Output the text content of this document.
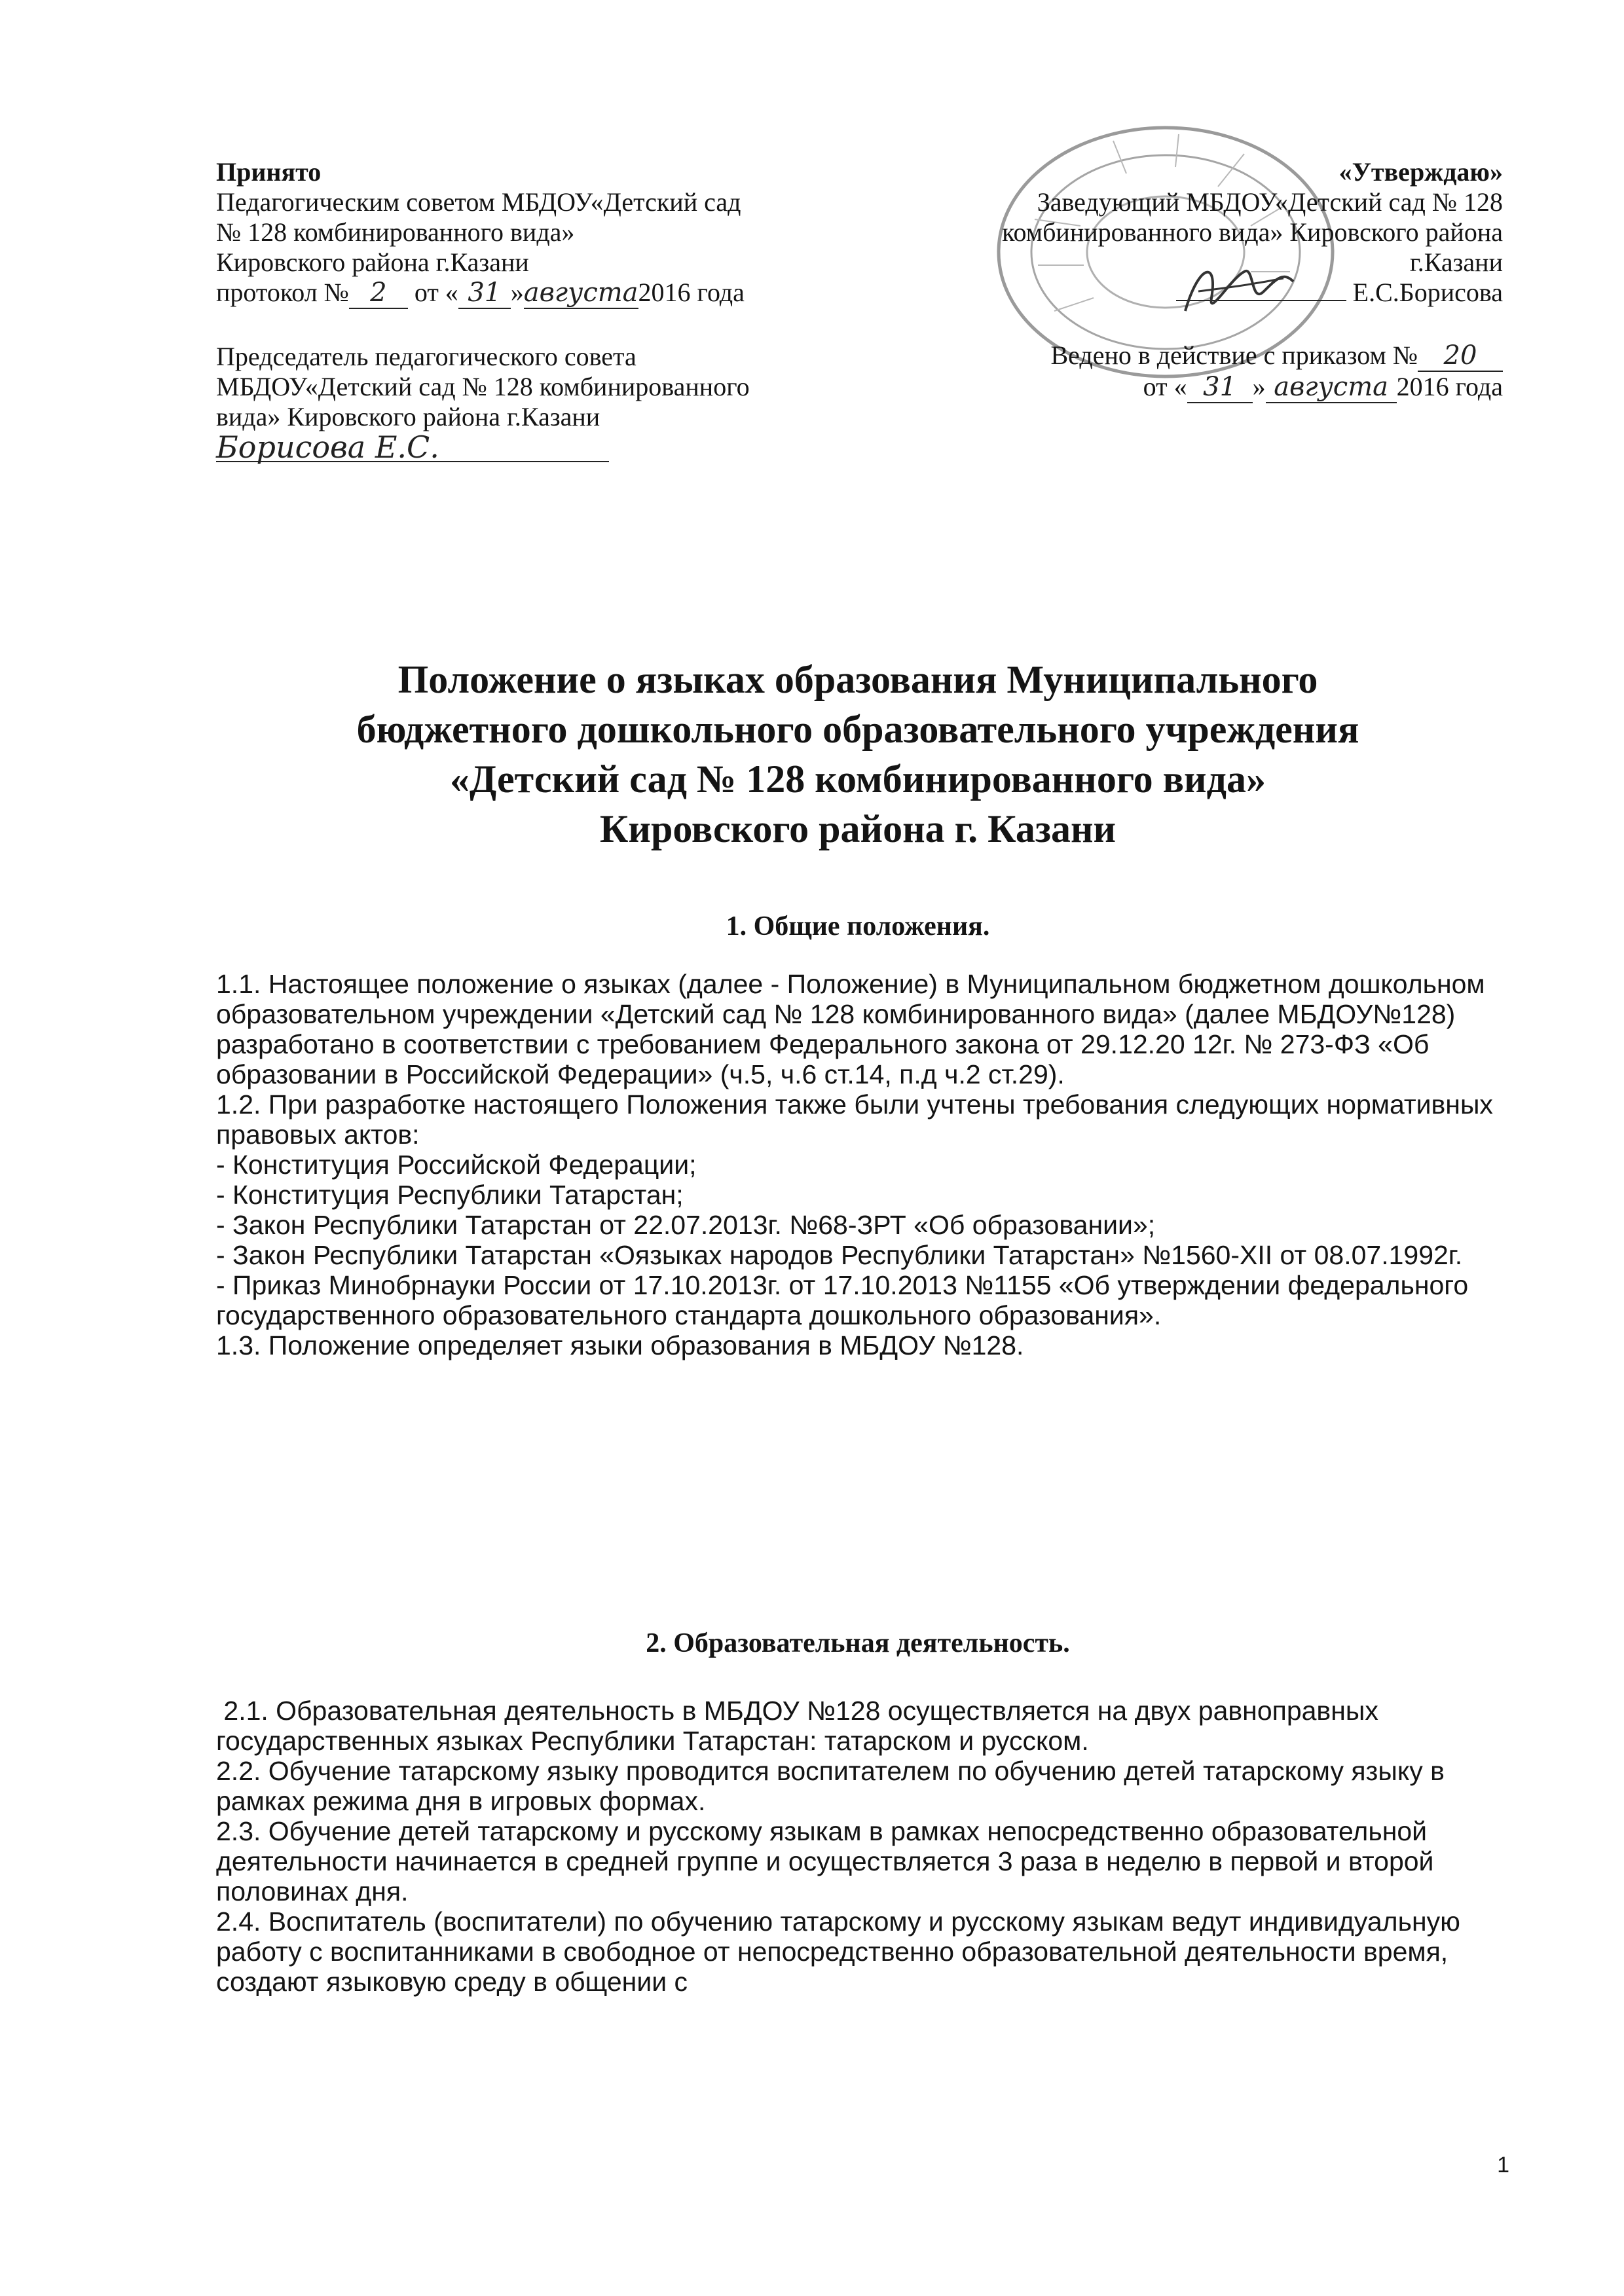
Принято
Педагогическим советом МБДОУ«Детский сад
№ 128 комбинированного вида»
Кировского района г.Казани
протокол № 2 от « 31 »августа2016 года
Председатель педагогического совета
МБДОУ«Детский сад № 128 комбинированного
вида» Кировского района г.Казани
Борисова Е.С.
«Утверждаю»
Заведующий МБДОУ«Детский сад № 128
комбинированного вида» Кировского района
г.Казани
Е.С.Борисова
Ведено в действие с приказом № 20
от « 31 » августа 2016 года
Положение о языках образования Муниципального
бюджетного дошкольного образовательного учреждения
«Детский сад № 128 комбинированного вида»
Кировского района г. Казани
1. Общие положения.

1.1. Настоящее положение о языках (далее - Положение) в Муниципальном бюджетном дошкольном образовательном учреждении «Детский сад № 128 комбинированного вида» (далее МБДОУ№128) разработано в соответствии с требованием Федерального закона от 29.12.20 12г. № 273-ФЗ «Об образовании в Российской Федерации» (ч.5, ч.6 ст.14, п.д ч.2 ст.29).

1.2. При разработке настоящего Положения также были учтены требования следующих нормативных правовых актов:

- Конституция Российской Федерации;

- Конституция Республики Татарстан;

- Закон Республики Татарстан от 22.07.2013г. №68-ЗРТ «Об образовании»;

- Закон Республики Татарстан «Оязыках народов Республики Татарстан» №1560-XII от 08.07.1992г.

- Приказ Минобрнауки России от 17.10.2013г. от 17.10.2013 №1155 «Об утверждении федерального государственного образовательного стандарта дошкольного образования».

1.3. Положение определяет языки образования в МБДОУ №128.

2. Образовательная деятельность.

2.1. Образовательная деятельность в МБДОУ №128 осуществляется на двух равноправных государственных языках Республики Татарстан: татарском и русском.

2.2. Обучение татарскому языку проводится воспитателем по обучению детей татарскому языку в рамках режима дня в игровых формах.

2.3. Обучение детей татарскому и русскому языкам в рамках непосредственно образовательной деятельности начинается в средней группе и осуществляется 3 раза в неделю в первой и второй половинах дня.

2.4. Воспитатель (воспитатели) по обучению татарскому и русскому языкам ведут индивидуальную работу с воспитанниками в свободное от непосредственно образовательной деятельности время, создают языковую среду в общении с

1
